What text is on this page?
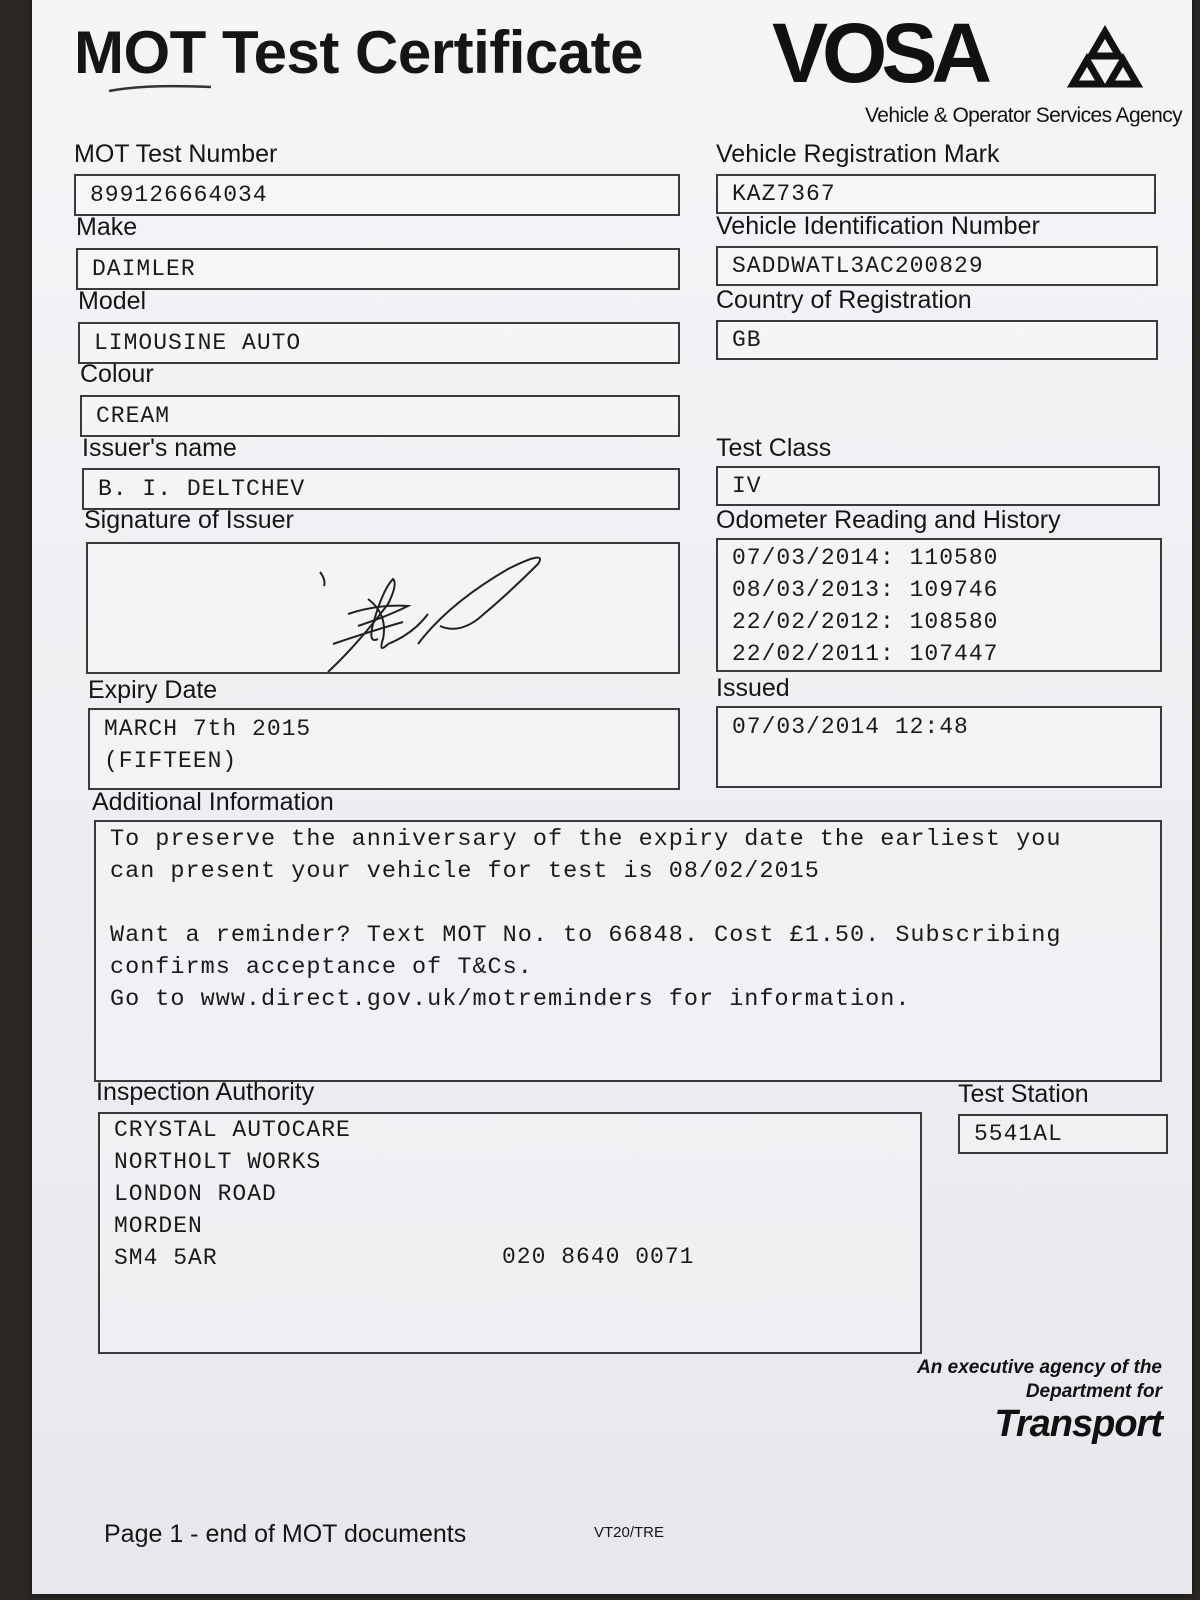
MOT Test Certificate VOSA
Vehicle & Operator Services Agency
MOT Test Number
899126664034
Make
DAIMLER
Model
LIMOUSINE AUTO
Colour
CREAM
Issuer's name
B. I. DELTCHEV
Signature of Issuer
Expiry Date
MARCH 7th 2015
(FIFTEEN)
Vehicle Registration Mark
KAZ7367
Vehicle Identification Number
SADDWATL3AC200829
Country of Registration
GB
Test Class
IV
Odometer Reading and History
07/03/2014: 110580
08/03/2013: 109746
22/02/2012: 108580
22/02/2011: 107447
Issued
07/03/2014 12:48
Additional Information
To preserve the anniversary of the expiry date the earliest you
can present your vehicle for test is 08/02/2015
Want a reminder? Text MOT No. to 66848. Cost £1.50. Subscribing
confirms acceptance of T&Cs.
Go to www.direct.gov.uk/motreminders for information.
Inspection Authority
CRYSTAL AUTOCARE
NORTHOLT WORKS
LONDON ROAD
MORDEN
SM4 5AR	020 8640 0071
Test Station
5541AL
An executive agency of the
Department for
Transport
Page 1 - end of MOT documents	VT20/TRE
